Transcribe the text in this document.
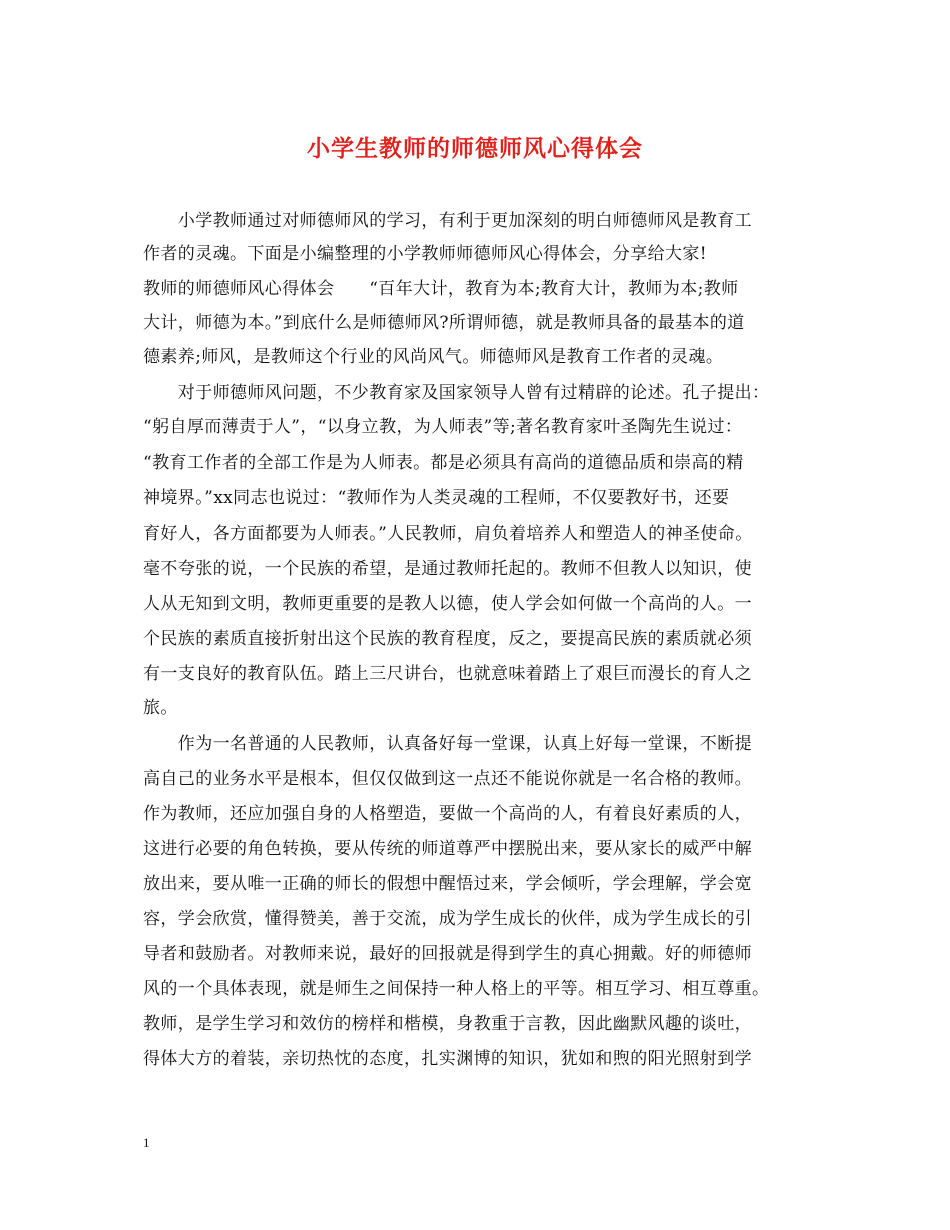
小学生教师的师德师风心得体会
　　小学教师通过对师德师风的学习，有利于更加深刻的明白师德师风是教育工
作者的灵魂。下面是小编整理的小学教师师德师风心得体会，分享给大家!
教师的师德师风心得体会　　“百年大计，教育为本;教育大计，教师为本;教师
大计，师德为本。”到底什么是师德师风?所谓师德，就是教师具备的最基本的道
德素养;师风，是教师这个行业的风尚风气。师德师风是教育工作者的灵魂。
　　对于师德师风问题，不少教育家及国家领导人曾有过精辟的论述。孔子提出：
“躬自厚而薄责于人”，“以身立教，为人师表”等;著名教育家叶圣陶先生说过：
“教育工作者的全部工作是为人师表。都是必须具有高尚的道德品质和崇高的精
神境界。”xx同志也说过：“教师作为人类灵魂的工程师，不仅要教好书，还要
育好人，各方面都要为人师表。”人民教师，肩负着培养人和塑造人的神圣使命。
毫不夸张的说，一个民族的希望，是通过教师托起的。教师不但教人以知识，使
人从无知到文明，教师更重要的是教人以德，使人学会如何做一个高尚的人。一
个民族的素质直接折射出这个民族的教育程度，反之，要提高民族的素质就必须
有一支良好的教育队伍。踏上三尺讲台，也就意味着踏上了艰巨而漫长的育人之
旅。
　　作为一名普通的人民教师，认真备好每一堂课，认真上好每一堂课，不断提
高自己的业务水平是根本，但仅仅做到这一点还不能说你就是一名合格的教师。
作为教师，还应加强自身的人格塑造，要做一个高尚的人，有着良好素质的人，
这进行必要的角色转换，要从传统的师道尊严中摆脱出来，要从家长的威严中解
放出来，要从唯一正确的师长的假想中醒悟过来，学会倾听，学会理解，学会宽
容，学会欣赏，懂得赞美，善于交流，成为学生成长的伙伴，成为学生成长的引
导者和鼓励者。对教师来说，最好的回报就是得到学生的真心拥戴。好的师德师
风的一个具体表现，就是师生之间保持一种人格上的平等。相互学习、相互尊重。
教师，是学生学习和效仿的榜样和楷模，身教重于言教，因此幽默风趣的谈吐，
得体大方的着装，亲切热忱的态度，扎实渊博的知识，犹如和煦的阳光照射到学
1
